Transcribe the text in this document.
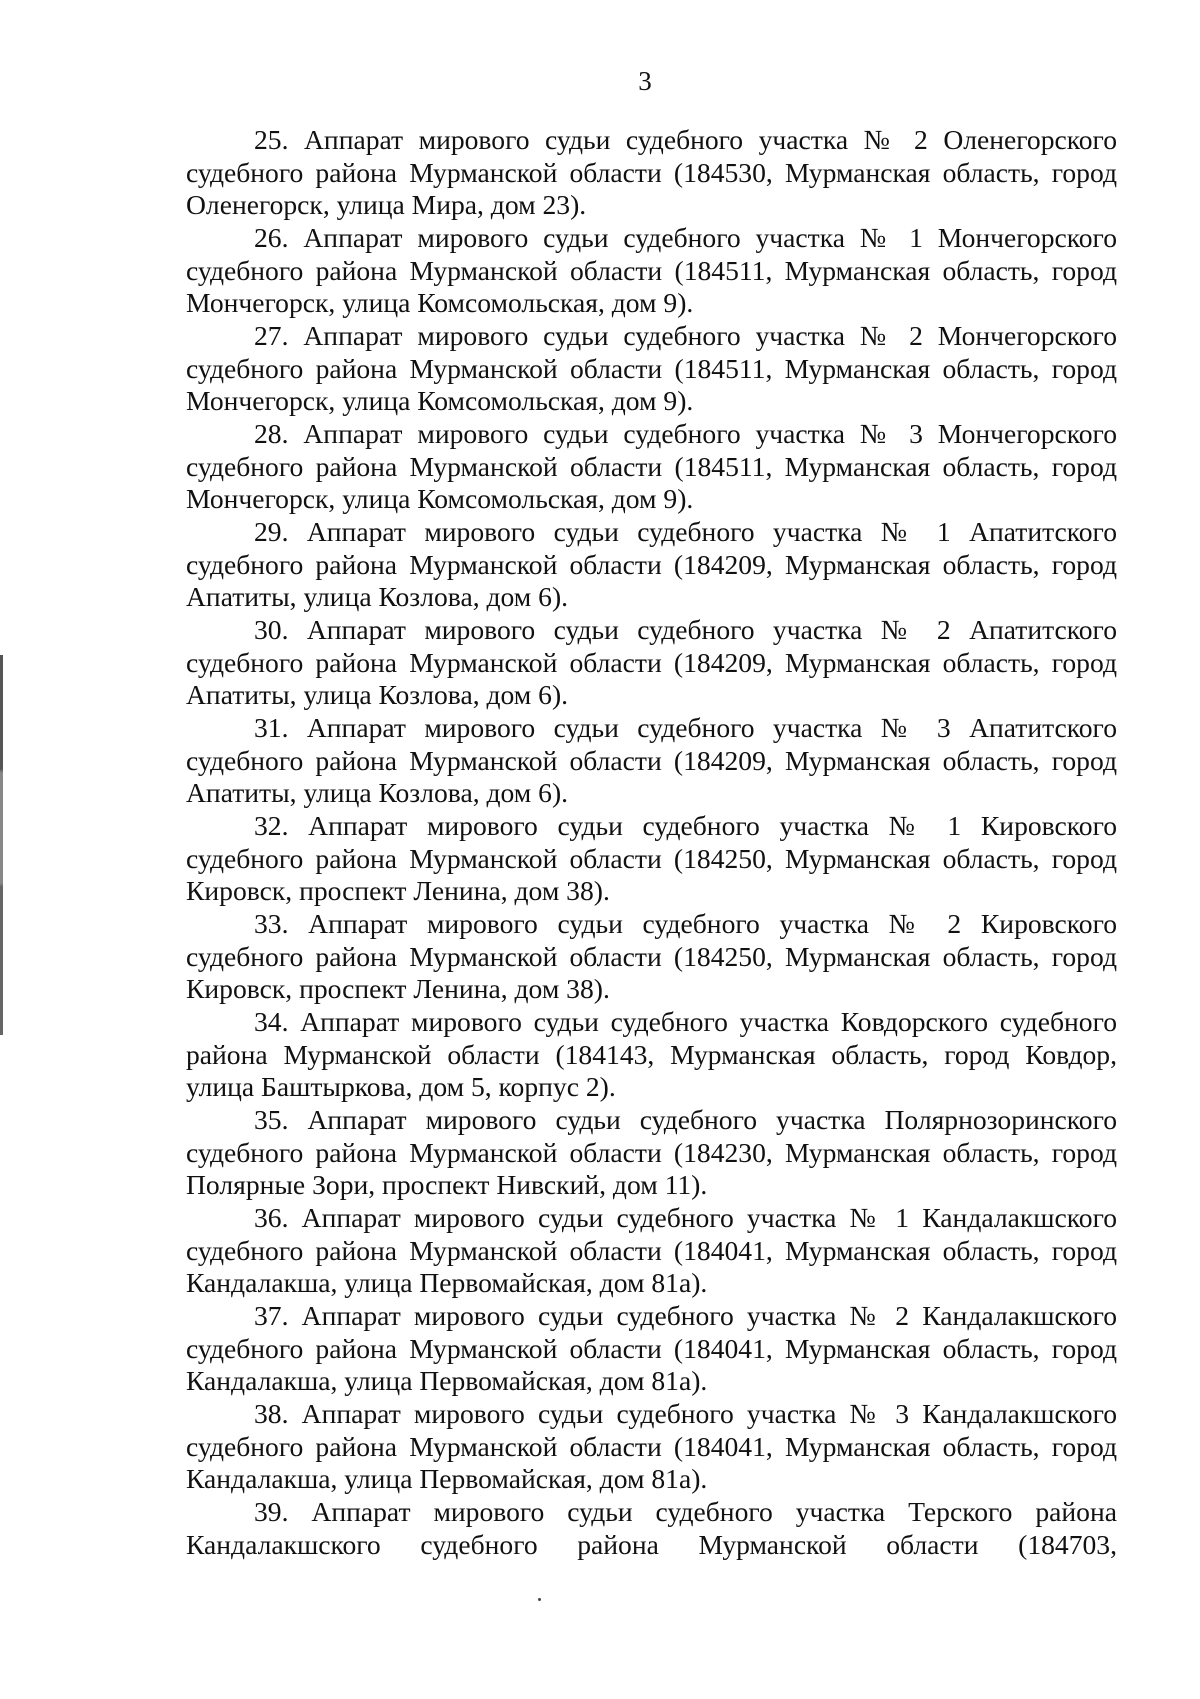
3

25. Аппарат мирового судьи судебного участка № 2 Оленегорского судебного района Мурманской области (184530, Мурманская область, город Оленегорск, улица Мира, дом 23).

26. Аппарат мирового судьи судебного участка № 1 Мончегорского судебного района Мурманской области (184511, Мурманская область, город Мончегорск, улица Комсомольская, дом 9).

27. Аппарат мирового судьи судебного участка № 2 Мончегорского судебного района Мурманской области (184511, Мурманская область, город Мончегорск, улица Комсомольская, дом 9).

28. Аппарат мирового судьи судебного участка № 3 Мончегорского судебного района Мурманской области (184511, Мурманская область, город Мончегорск, улица Комсомольская, дом 9).

29. Аппарат мирового судьи судебного участка № 1 Апатитского судебного района Мурманской области (184209, Мурманская область, город Апатиты, улица Козлова, дом 6).

30. Аппарат мирового судьи судебного участка № 2 Апатитского судебного района Мурманской области (184209, Мурманская область, город Апатиты, улица Козлова, дом 6).

31. Аппарат мирового судьи судебного участка № 3 Апатитского судебного района Мурманской области (184209, Мурманская область, город Апатиты, улица Козлова, дом 6).

32. Аппарат мирового судьи судебного участка № 1 Кировского судебного района Мурманской области (184250, Мурманская область, город Кировск, проспект Ленина, дом 38).

33. Аппарат мирового судьи судебного участка № 2 Кировского судебного района Мурманской области (184250, Мурманская область, город Кировск, проспект Ленина, дом 38).

34. Аппарат мирового судьи судебного участка Ковдорского судебного района Мурманской области (184143, Мурманская область, город Ковдор, улица Баштыркова, дом 5, корпус 2).

35. Аппарат мирового судьи судебного участка Полярнозоринского судебного района Мурманской области (184230, Мурманская область, город Полярные Зори, проспект Нивский, дом 11).

36. Аппарат мирового судьи судебного участка № 1 Кандалакшского судебного района Мурманской области (184041, Мурманская область, город Кандалакша, улица Первомайская, дом 81а).

37. Аппарат мирового судьи судебного участка № 2 Кандалакшского судебного района Мурманской области (184041, Мурманская область, город Кандалакша, улица Первомайская, дом 81а).

38. Аппарат мирового судьи судебного участка № 3 Кандалакшского судебного района Мурманской области (184041, Мурманская область, город Кандалакша, улица Первомайская, дом 81а).

39. Аппарат мирового судьи судебного участка Терского района Кандалакшского судебного района Мурманской области (184703,
